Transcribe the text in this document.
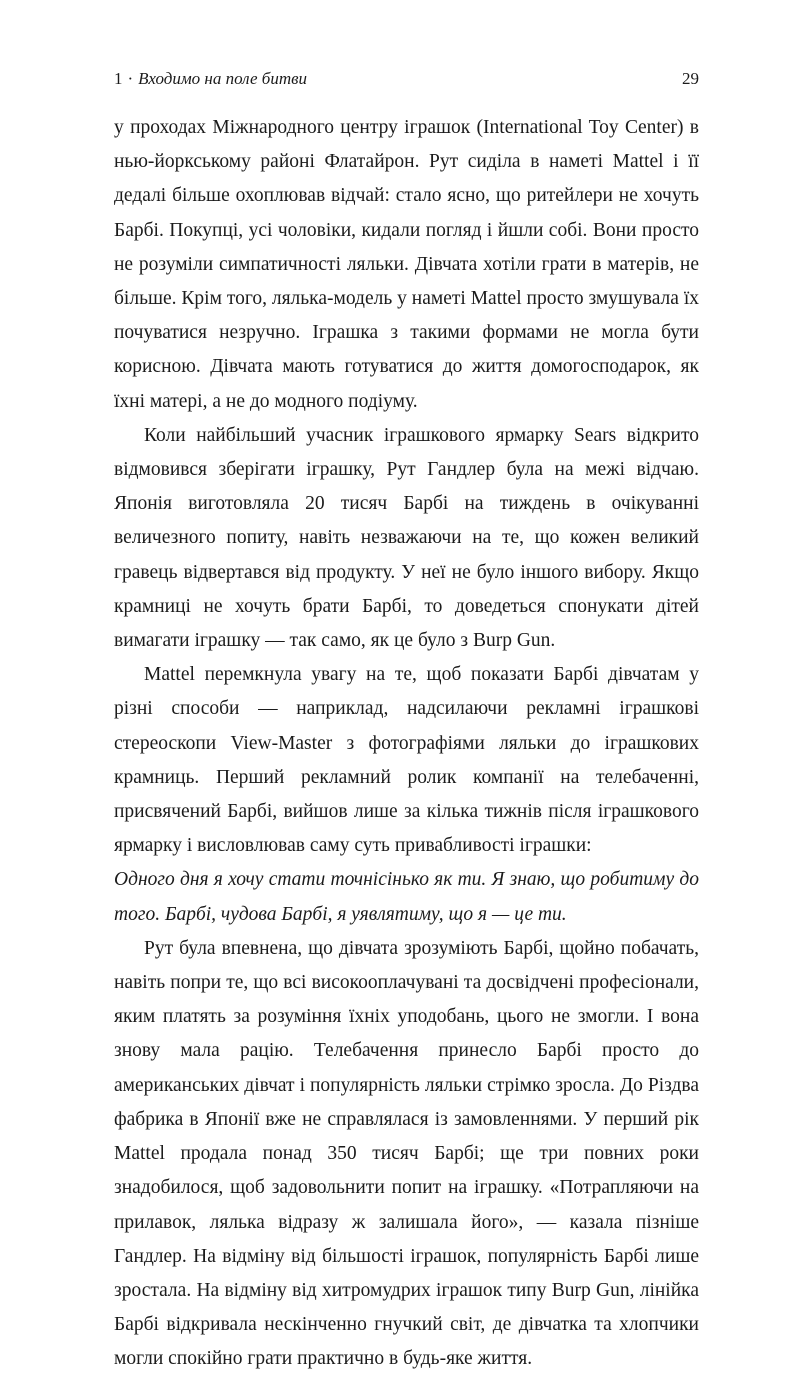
1 · Входимо на поле битви	29

у проходах Міжнародного центру іграшок (International Toy Center) в нью-йоркському районі Флатайрон. Рут сиділа в наметі Mattel і її дедалі більше охоплював відчай: стало ясно, що ритейлери не хочуть Барбі. Покупці, усі чоловіки, кидали погляд і йшли собі. Вони просто не розуміли симпатичності ляльки. Дівчата хотіли грати в матерів, не більше. Крім того, лялька-модель у наметі Mattel просто змушувала їх почуватися незручно. Іграшка з такими формами не могла бути корисною. Дівчата мають готуватися до життя домогосподарок, як їхні матері, а не до модного подіуму.

Коли найбільший учасник іграшкового ярмарку Sears відкрито відмовився зберігати іграшку, Рут Гандлер була на межі відчаю. Японія виготовляла 20 тисяч Барбі на тиждень в очікуванні величезного попиту, навіть незважаючи на те, що кожен великий гравець відвертався від продукту. У неї не було іншого вибору. Якщо крамниці не хочуть брати Барбі, то доведеться спонукати дітей вимагати іграшку — так само, як це було з Burp Gun.

Mattel перемкнула увагу на те, щоб показати Барбі дівчатам у різні способи — наприклад, надсилаючи рекламні іграшкові стереоскопи View-Master з фотографіями ляльки до іграшкових крамниць. Перший рекламний ролик компанії на телебаченні, присвячений Барбі, вийшов лише за кілька тижнів після іграшкового ярмарку і висловлював саму суть привабливості іграшки:

Одного дня я хочу стати точнісінько як ти. Я знаю, що робитиму до того. Барбі, чудова Барбі, я уявлятиму, що я — це ти.

Рут була впевнена, що дівчата зрозуміють Барбі, щойно побачать, навіть попри те, що всі високооплачувані та досвідчені професіонали, яким платять за розуміння їхніх уподобань, цього не змогли. І вона знову мала рацію. Телебачення принесло Барбі просто до американських дівчат і популярність ляльки стрімко зросла. До Різдва фабрика в Японії вже не справлялася із замовленнями. У перший рік Mattel продала понад 350 тисяч Барбі; ще три повних роки знадобилося, щоб задовольнити попит на іграшку. «Потрапляючи на прилавок, лялька відразу ж залишала його», — казала пізніше Гандлер. На відміну від більшості іграшок, популярність Барбі лише зростала. На відміну від хитромудрих іграшок типу Burp Gun, лінійка Барбі відкривала нескінченно гнучкий світ, де дівчатка та хлопчики могли спокійно грати практично в будь-яке життя.
